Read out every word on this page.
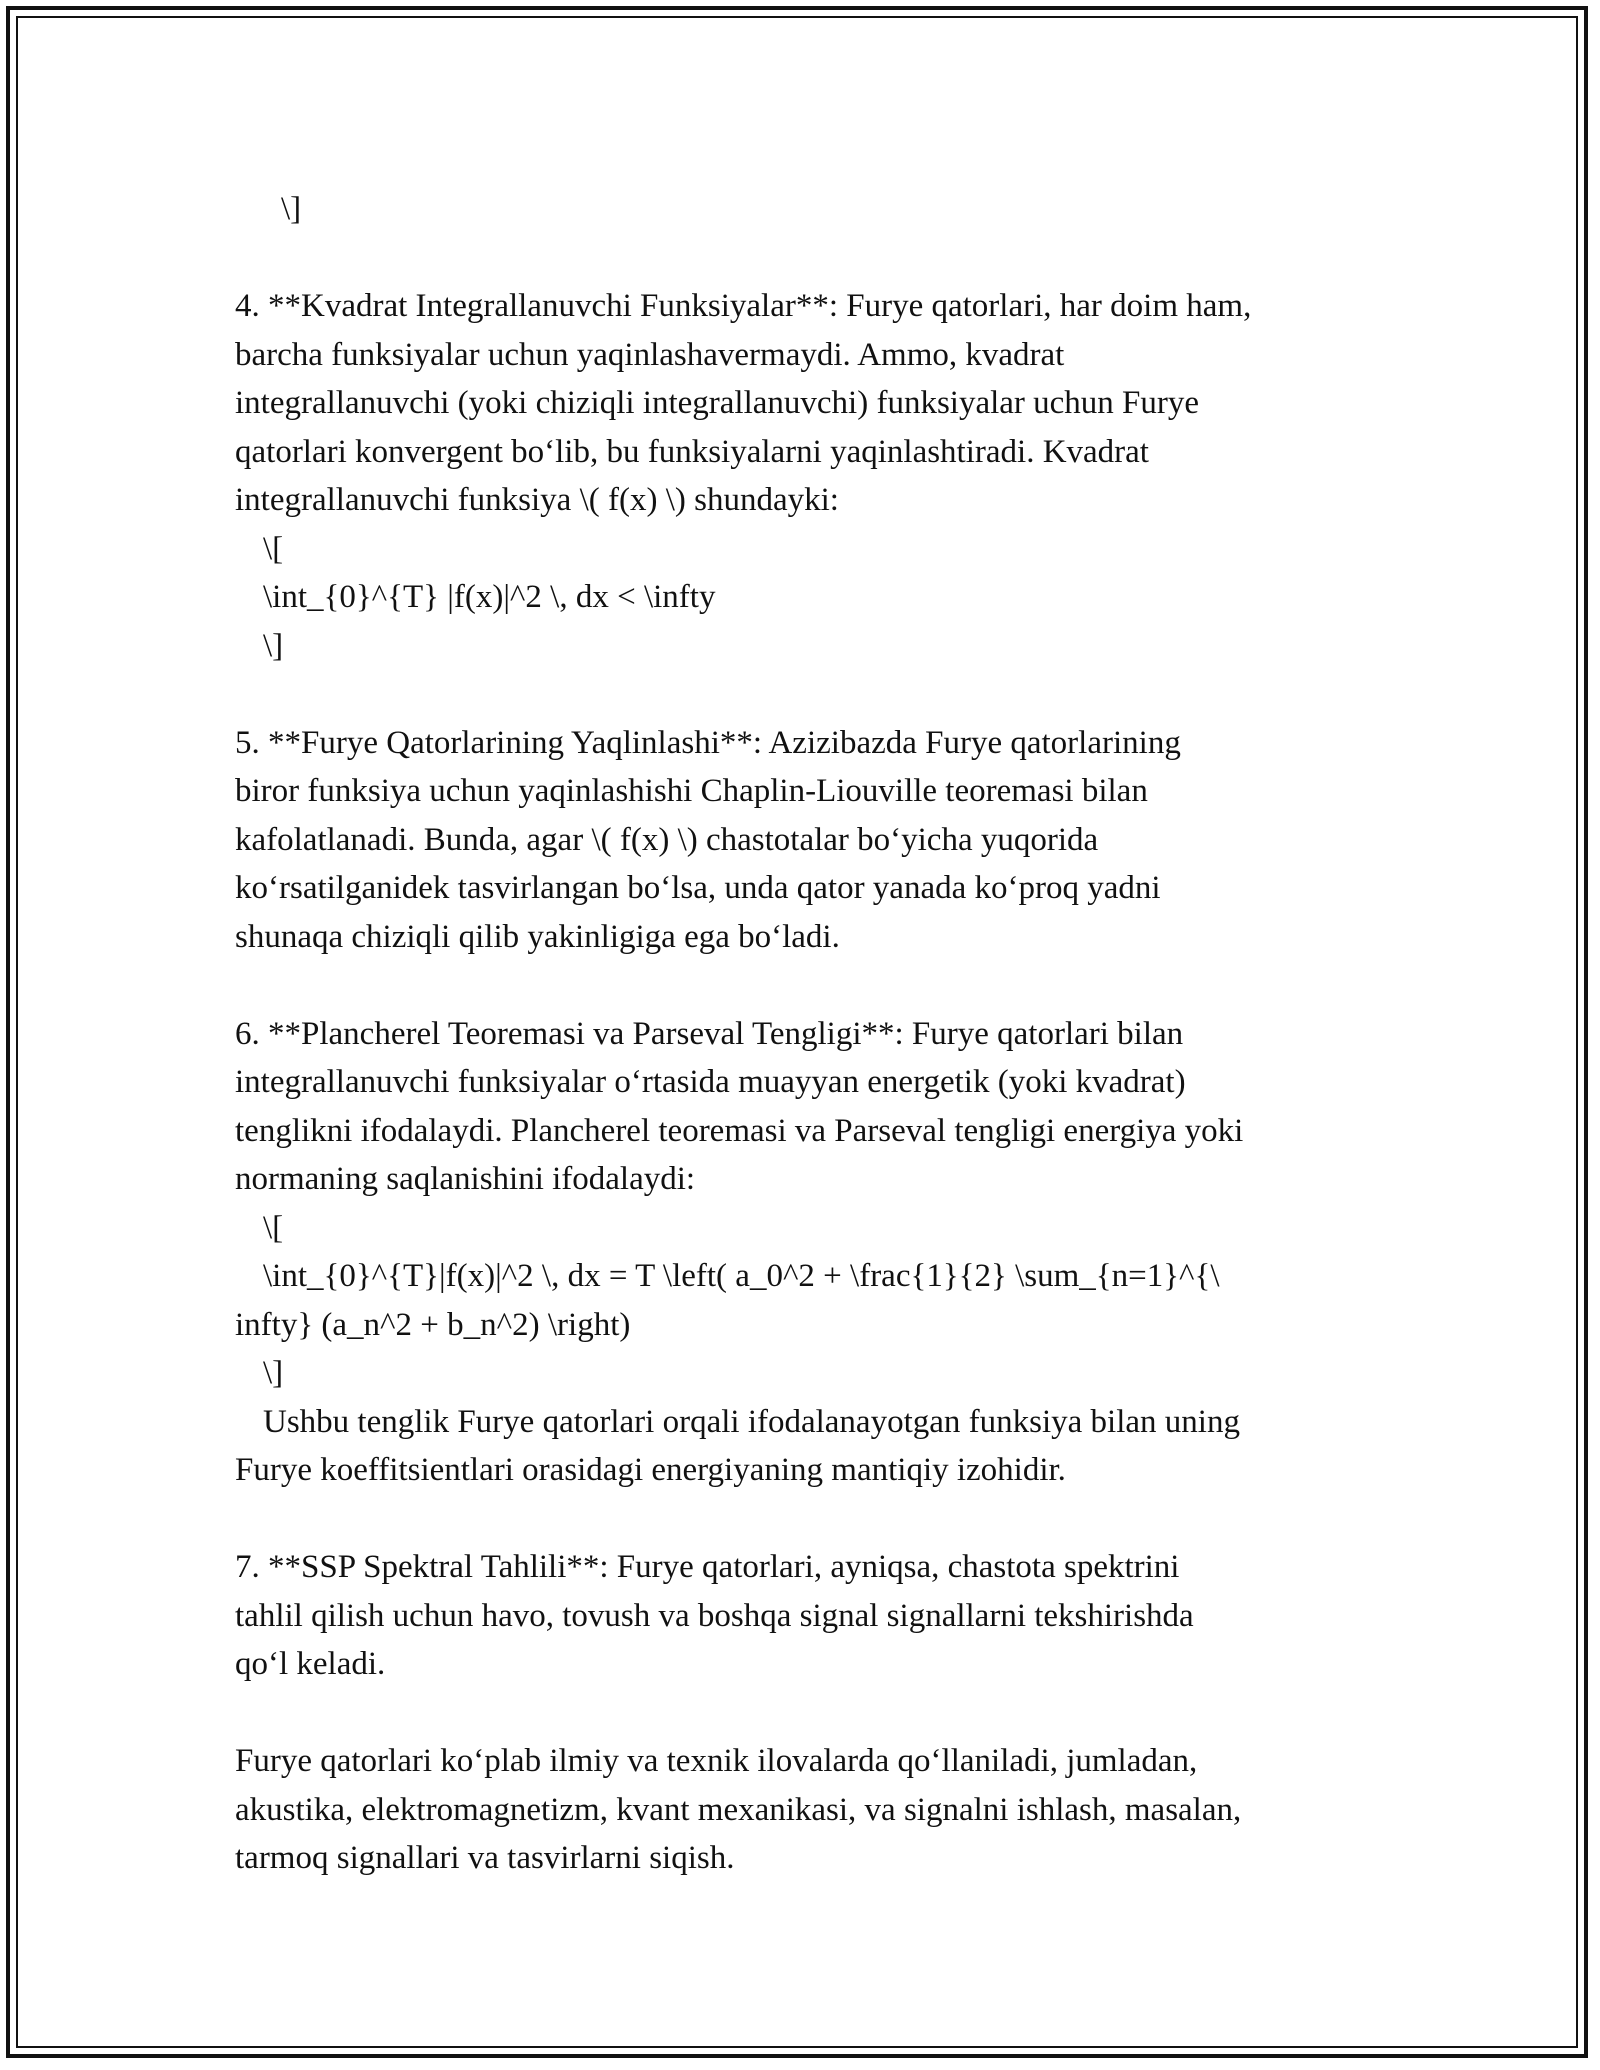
\]
4. **Kvadrat Integrallanuvchi Funksiyalar**: Furye qatorlari, har doim ham,
barcha funksiyalar uchun yaqinlashavermaydi. Ammo, kvadrat
integrallanuvchi (yoki chiziqli integrallanuvchi) funksiyalar uchun Furye
qatorlari konvergent bo‘lib, bu funksiyalarni yaqinlashtiradi. Kvadrat
integrallanuvchi funksiya \( f(x) \) shundayki:
\[
\int_{0}^{T} |f(x)|^2 \, dx < \infty
\]
5. **Furye Qatorlarining Yaqlinlashi**: Azizibazda Furye qatorlarining
biror funksiya uchun yaqinlashishi Chaplin-Liouville teoremasi bilan
kafolatlanadi. Bunda, agar \( f(x) \) chastotalar bo‘yicha yuqorida
ko‘rsatilganidek tasvirlangan bo‘lsa, unda qator yanada ko‘proq yadni
shunaqa chiziqli qilib yakinligiga ega bo‘ladi.
6. **Plancherel Teoremasi va Parseval Tengligi**: Furye qatorlari bilan
integrallanuvchi funksiyalar o‘rtasida muayyan energetik (yoki kvadrat)
tenglikni ifodalaydi. Plancherel teoremasi va Parseval tengligi energiya yoki
normaning saqlanishini ifodalaydi:
\[
\int_{0}^{T}|f(x)|^2 \, dx = T \left( a_0^2 + \frac{1}{2} \sum_{n=1}^{\
infty} (a_n^2 + b_n^2) \right)
\]
Ushbu tenglik Furye qatorlari orqali ifodalanayotgan funksiya bilan uning
Furye koeffitsientlari orasidagi energiyaning mantiqiy izohidir.
7. **SSP Spektral Tahlili**: Furye qatorlari, ayniqsa, chastota spektrini
tahlil qilish uchun havo, tovush va boshqa signal signallarni tekshirishda
qo‘l keladi.
Furye qatorlari ko‘plab ilmiy va texnik ilovalarda qo‘llaniladi, jumladan,
akustika, elektromagnetizm, kvant mexanikasi, va signalni ishlash, masalan,
tarmoq signallari va tasvirlarni siqish.
